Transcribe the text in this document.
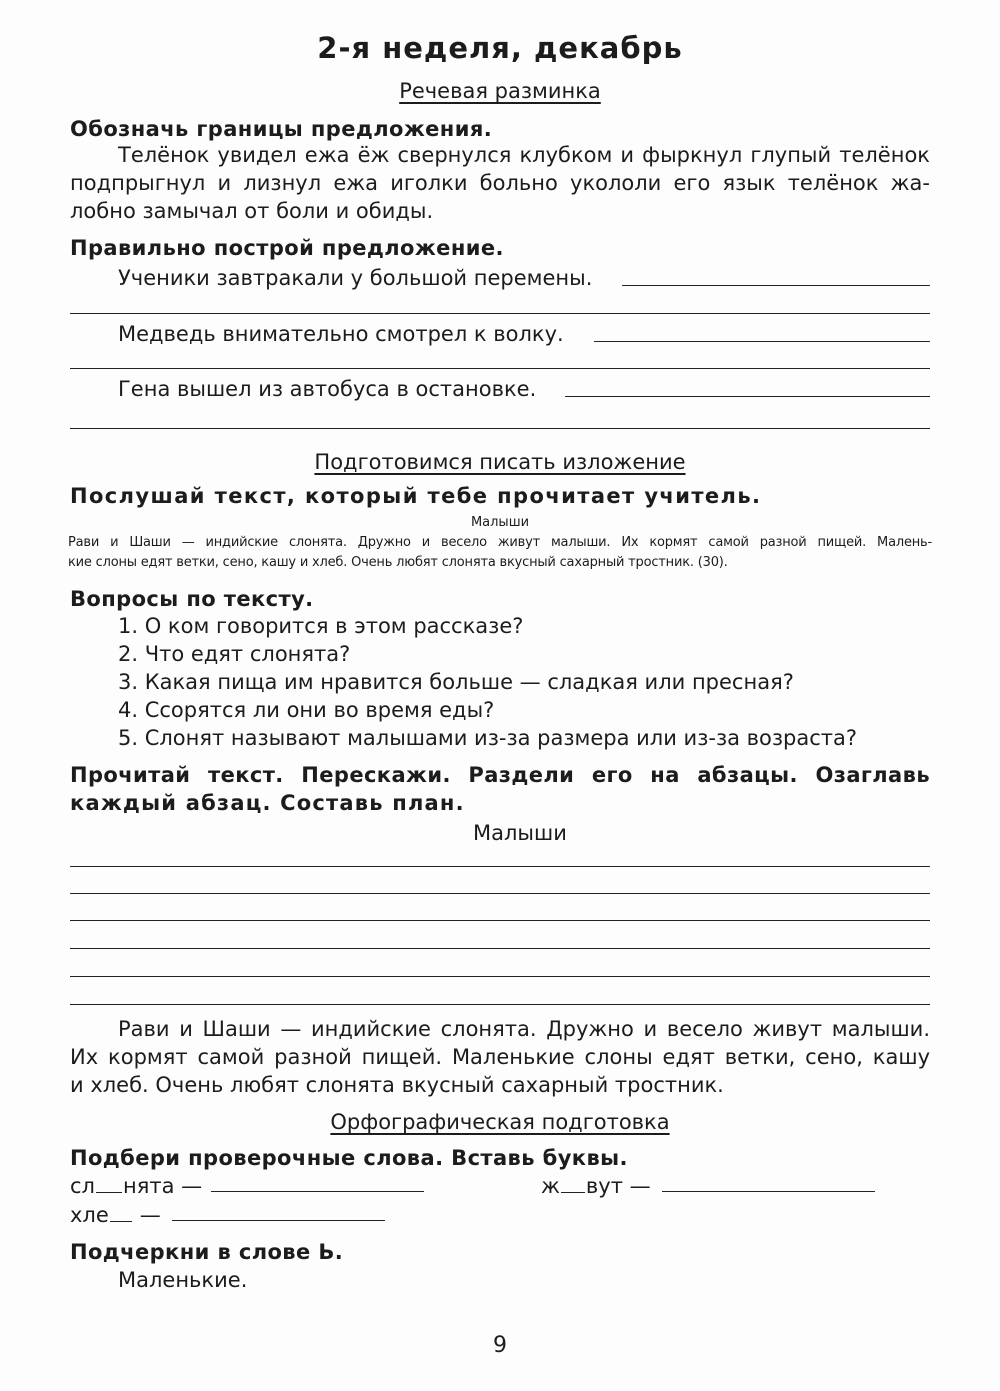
2-я неделя, декабрь
Речевая разминка
Обозначь границы предложения.
Телёнок увидел ежа ёж свернулся клубком и фыркнул глупый телёнок
подпрыгнул и лизнул ежа иголки больно укололи его язык телёнок жа-
лобно замычал от боли и обиды.
Правильно построй предложение.
Ученики завтракали у большой перемены.
Медведь внимательно смотрел к волку.
Гена вышел из автобуса в остановке.
Подготовимся писать изложение
Послушай текст, который тебе прочитает учитель.
Малыши
Рави и Шаши — индийские слонята. Дружно и весело живут малыши. Их кормят самой разной пищей. Малень-
кие слоны едят ветки, сено, кашу и хлеб. Очень любят слонята вкусный сахарный тростник. (30).
Вопросы по тексту.
1. О ком говорится в этом рассказе?
2. Что едят слонята?
3. Какая пища им нравится больше — сладкая или пресная?
4. Ссорятся ли они во время еды?
5. Слонят называют малышами из-за размера или из-за возраста?
Прочитай текст. Перескажи. Раздели его на абзацы. Озаглавь
каждый абзац. Составь план.
Малыши
Рави и Шаши — индийские слонята. Дружно и весело живут малыши.
Их кормят самой разной пищей. Маленькие слоны едят ветки, сено, кашу
и хлеб. Очень любят слонята вкусный сахарный тростник.
Орфографическая подготовка
Подбери проверочные слова. Вставь буквы.
сл нята —	ж вут —
хле —
Подчеркни в слове Ь.
Маленькие.
9
